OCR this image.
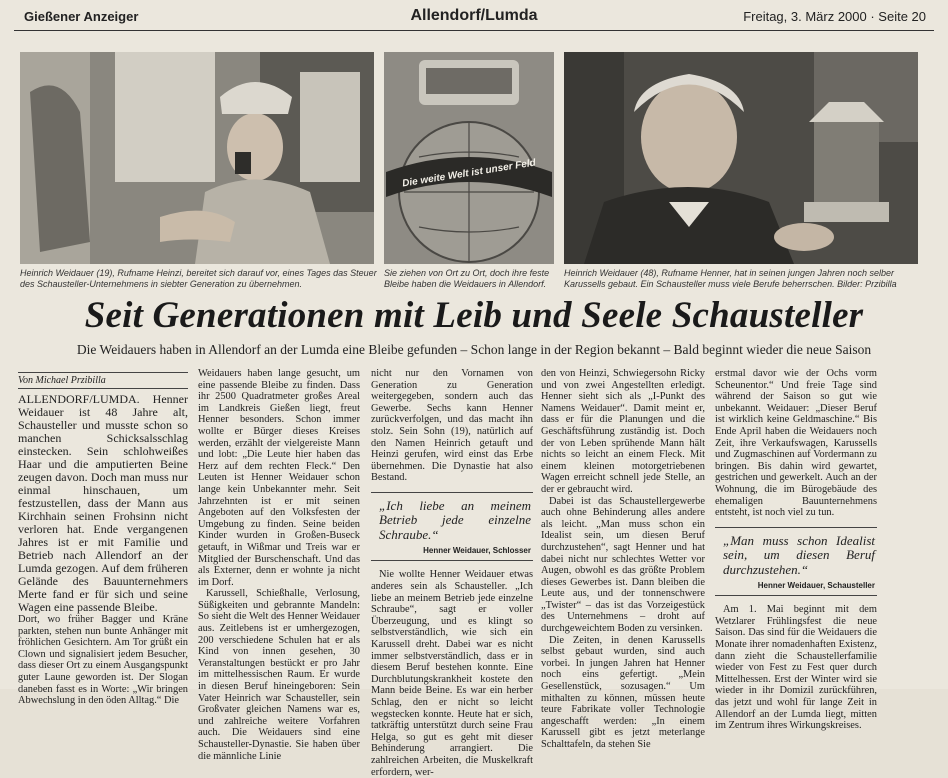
Gießener Anzeiger	Allendorf/Lumda	Freitag, 3. März 2000 · Seite 20
Die weite Welt ist unser Feld
Heinrich Weidauer (19), Rufname Heinzi, bereitet sich darauf vor, eines Tages das Steuer des Schausteller-Unternehmens in siebter Generation zu übernehmen.
Sie ziehen von Ort zu Ort, doch ihre feste Bleibe haben die Weidauers in Allendorf.
Heinrich Weidauer (48), Rufname Henner, hat in seinen jungen Jahren noch selber Karussells gebaut. Ein Schausteller muss viele Berufe beherrschen. Bilder: Przibilla
Seit Generationen mit Leib und Seele Schausteller
Die Weidauers haben in Allendorf an der Lumda eine Bleibe gefunden – Schon lange in der Region bekannt – Bald beginnt wieder die neue Saison
Von Michael Przibilla

ALLENDORF/LUMDA. Henner Weidauer ist 48 Jahre alt, Schausteller und musste schon so manchen Schicksalsschlag einstecken. Sein schlohweißes Haar und die amputierten Beine zeugen davon. Doch man muss nur einmal hinschauen, um festzustellen, dass der Mann aus Kirchhain seinen Frohsinn nicht verloren hat. Ende vergangenen Jahres ist er mit Familie und Betrieb nach Allendorf an der Lumda gezogen. Auf dem früheren Gelände des Bauunternehmers Merte fand er für sich und seine Wagen eine passende Bleibe.

Dort, wo früher Bagger und Kräne parkten, stehen nun bunte Anhänger mit fröhlichen Gesichtern. Am Tor grüßt ein Clown und signalisiert jedem Besucher, dass dieser Ort zu einem Ausgangspunkt guter Laune geworden ist. Der Slogan daneben fasst es in Worte: „Wir bringen Abwechslung in den öden Alltag.“ Die

Weidauers haben lange gesucht, um eine passende Bleibe zu finden. Dass ihr 2500 Quadratmeter großes Areal im Landkreis Gießen liegt, freut Henner besonders. Schon immer wollte er Bürger dieses Kreises werden, erzählt der vielgereiste Mann und lobt: „Die Leute hier haben das Herz auf dem rechten Fleck.“ Den Leuten ist Henner Weidauer schon lange kein Unbekannter mehr. Seit Jahrzehnten ist er mit seinen Angeboten auf den Volksfesten der Umgebung zu finden. Seine beiden Kinder wurden in Großen-Buseck getauft, in Wißmar und Treis war er Mitglied der Burschenschaft. Und das als Externer, denn er wohnte ja nicht im Dorf.

Karussell, Schießhalle, Verlosung, Süßigkeiten und gebrannte Mandeln: So sieht die Welt des Henner Weidauer aus. Zeitlebens ist er umhergezogen, 200 verschiedene Schulen hat er als Kind von innen gesehen, 30 Veranstaltungen bestückt er pro Jahr im mittelhessischen Raum. Er wurde in diesen Beruf hineingeboren: Sein Vater Heinrich war Schausteller, sein Großvater gleichen Namens war es, und zahlreiche weitere Vorfahren auch. Die Weidauers sind eine Schausteller-Dynastie. Sie haben über die männliche Linie

nicht nur den Vornamen von Generation zu Generation weitergegeben, sondern auch das Gewerbe. Sechs kann Henner zurückverfolgen, und das macht ihn stolz. Sein Sohn (19), natürlich auf den Namen Heinrich getauft und Heinzi gerufen, wird einst das Erbe übernehmen. Die Dynastie hat also Bestand.

„Ich liebe an meinem Betrieb jede einzelne Schraube.“
Henner Weidauer, Schlosser

Nie wollte Henner Weidauer etwas anderes sein als Schausteller. „Ich liebe an meinem Betrieb jede einzelne Schraube“, sagt er voller Überzeugung, und es klingt so selbstverständlich, wie sich ein Karussell dreht. Dabei war es nicht immer selbstverständlich, dass er in diesem Beruf bestehen konnte. Eine Durchblutungskrankheit kostete den Mann beide Beine. Es war ein herber Schlag, den er nicht so leicht wegstecken konnte. Heute hat er sich, tatkräftig unterstützt durch seine Frau Helga, so gut es geht mit dieser Behinderung arrangiert. Die zahlreichen Arbeiten, die Muskelkraft erfordern, wer-

den von Heinzi, Schwiegersohn Ricky und von zwei Angestellten erledigt. Henner sieht sich als „I-Punkt des Namens Weidauer“. Damit meint er, dass er für die Planungen und die Geschäftsführung zuständig ist. Doch der von Leben sprühende Mann hält nichts so leicht an einem Fleck. Mit einem kleinen motorgetriebenen Wagen erreicht schnell jede Stelle, an der er gebraucht wird.

Dabei ist das Schaustellergewerbe auch ohne Behinderung alles andere als leicht. „Man muss schon ein Idealist sein, um diesen Beruf durchzustehen“, sagt Henner und hat dabei nicht nur schlechtes Wetter vor Augen, obwohl es das größte Problem dieses Gewerbes ist. Dann bleiben die Leute aus, und der tonnenschwere „Twister“ – das ist das Vorzeigestück des Unternehmens – droht auf durchgeweichtem Boden zu versinken.

Die Zeiten, in denen Karussells selbst gebaut wurden, sind auch vorbei. In jungen Jahren hat Henner noch eins gefertigt. „Mein Gesellenstück, sozusagen.“ Um mithalten zu können, müssen heute teure Fabrikate voller Technologie angeschafft werden: „In einem Karussell gibt es jetzt meterlange Schalttafeln, da stehen Sie

erstmal davor wie der Ochs vorm Scheunentor.“ Und freie Tage sind während der Saison so gut wie unbekannt. Weidauer: „Dieser Beruf ist wirklich keine Geldmaschine.“ Bis Ende April haben die Weidauers noch Zeit, ihre Verkaufswagen, Karussells und Zugmaschinen auf Vordermann zu bringen. Bis dahin wird gewartet, gestrichen und gewerkelt. Auch an der Wohnung, die im Bürogebäude des ehemaligen Bauunternehmens entsteht, ist noch viel zu tun.

„Man muss schon Idealist sein, um diesen Beruf durchzustehen.“
Henner Weidauer, Schausteller

Am 1. Mai beginnt mit dem Wetzlarer Frühlingsfest die neue Saison. Das sind für die Weidauers die Monate ihrer nomadenhaften Existenz, dann zieht die Schaustellerfamilie wieder von Fest zu Fest quer durch Mittelhessen. Erst der Winter wird sie wieder in ihr Domizil zurückführen, das jetzt und wohl für lange Zeit in Allendorf an der Lumda liegt, mitten im Zentrum ihres Wirkungskreises.
